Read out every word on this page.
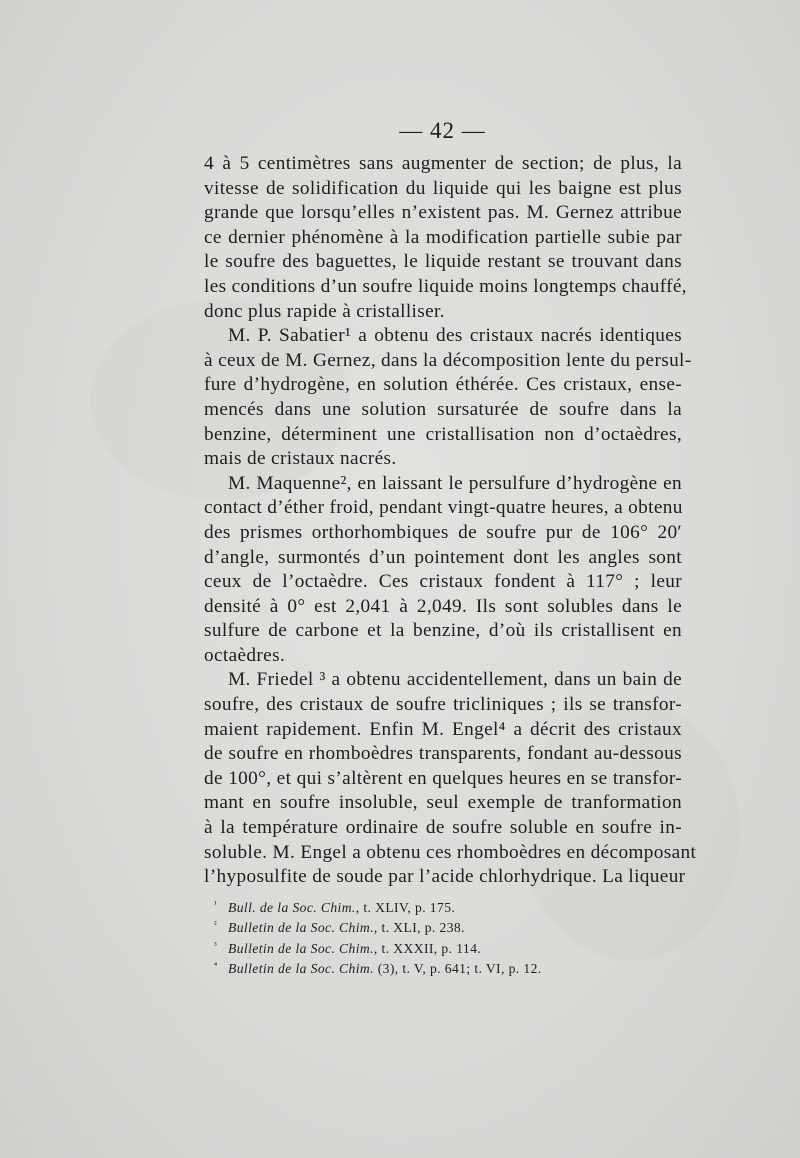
— 42 —
4 à 5 centimètres sans augmenter de section; de plus, la
vitesse de solidification du liquide qui les baigne est plus
grande que lorsqu’elles n’existent pas. M. Gernez attribue
ce dernier phénomène à la modification partielle subie par
le soufre des baguettes, le liquide restant se trouvant dans
les conditions d’un soufre liquide moins longtemps chauffé,
donc plus rapide à cristalliser.
M. P. Sabatier¹ a obtenu des cristaux nacrés identiques
à ceux de M. Gernez, dans la décomposition lente du persul-
fure d’hydrogène, en solution éthérée. Ces cristaux, ense-
mencés dans une solution sursaturée de soufre dans la
benzine, déterminent une cristallisation non d’octaèdres,
mais de cristaux nacrés.
M. Maquenne², en laissant le persulfure d’hydrogène en
contact d’éther froid, pendant vingt-quatre heures, a obtenu
des prismes orthorhombiques de soufre pur de 106° 20′
d’angle, surmontés d’un pointement dont les angles sont
ceux de l’octaèdre. Ces cristaux fondent à 117° ; leur
densité à 0° est 2,041 à 2,049. Ils sont solubles dans le
sulfure de carbone et la benzine, d’où ils cristallisent en
octaèdres.
M. Friedel ³ a obtenu accidentellement, dans un bain de
soufre, des cristaux de soufre tricliniques ; ils se transfor-
maient rapidement. Enfin M. Engel⁴ a décrit des cristaux
de soufre en rhomboèdres transparents, fondant au-dessous
de 100°, et qui s’altèrent en quelques heures en se transfor-
mant en soufre insoluble, seul exemple de tranformation
à la température ordinaire de soufre soluble en soufre in-
soluble. M. Engel a obtenu ces rhomboèdres en décomposant
l’hyposulfite de soude par l’acide chlorhydrique. La liqueur
¹ Bull. de la Soc. Chim., t. XLIV, p. 175.
² Bulletin de la Soc. Chim., t. XLI, p. 238.
³ Bulletin de la Soc. Chim., t. XXXII, p. 114.
⁴ Bulletin de la Soc. Chim. (3), t. V, p. 641; t. VI, p. 12.
